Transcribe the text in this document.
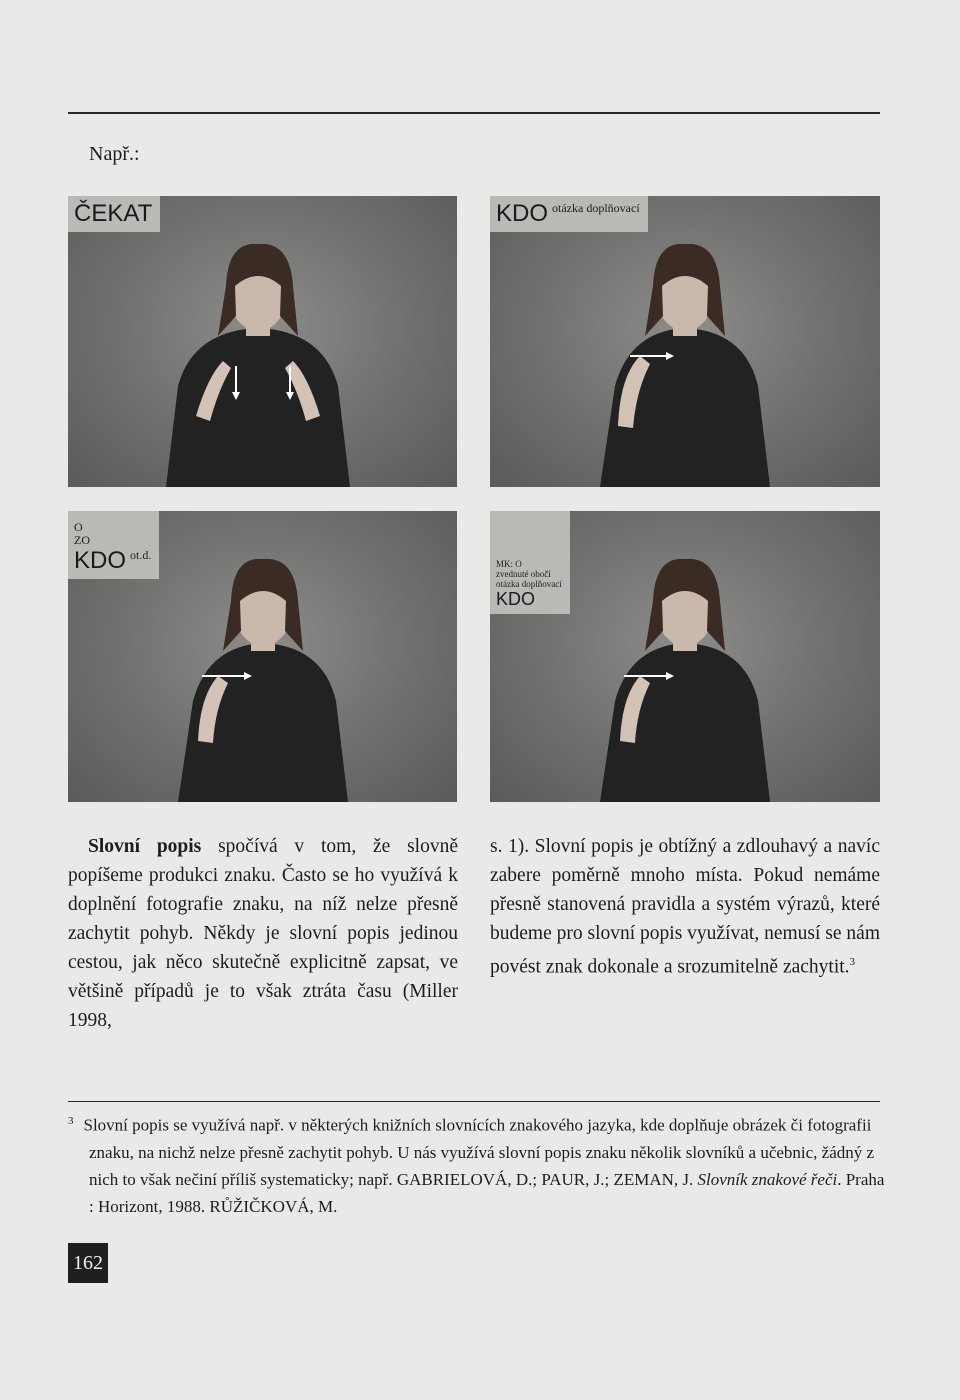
Např.:
ČEKAT	KDO $^{otázka doplňovací}$
O
ZO
KDO $^{ot.d.}$
MK: O
zvednuté obočí
otázka doplňovací
KDO

Slovní popis spočívá v tom, že slovně popíšeme produkci znaku. Často se ho využívá k doplnění fotografie znaku, na níž nelze přesně zachytit pohyb. Někdy je slovní popis jedinou cestou, jak něco skutečně explicitně zapsat, ve většině případů je to však ztráta času (Miller 1998,

s. 1). Slovní popis je obtížný a zdlouhavý a navíc zabere poměrně mnoho místa. Pokud nemáme přesně stanovená pravidla a systém výrazů, které budeme pro slovní popis využívat, nemusí se nám povést znak dokonale a srozumitelně zachytit.$^3$

$^3$ Slovní popis se využívá např. v některých knižních slovnících znakového jazyka, kde doplňuje obrázek či fotografii znaku, na nichž nelze přesně zachytit pohyb. U nás využívá slovní popis znaku několik slovníků a učebnic, žádný z nich to však nečiní příliš systematicky; např. GABRIELOVÁ, D.; PAUR, J.; ZEMAN, J. Slovník znakové řeči. Praha : Horizont, 1988. RŮŽIČKOVÁ, M.
162
